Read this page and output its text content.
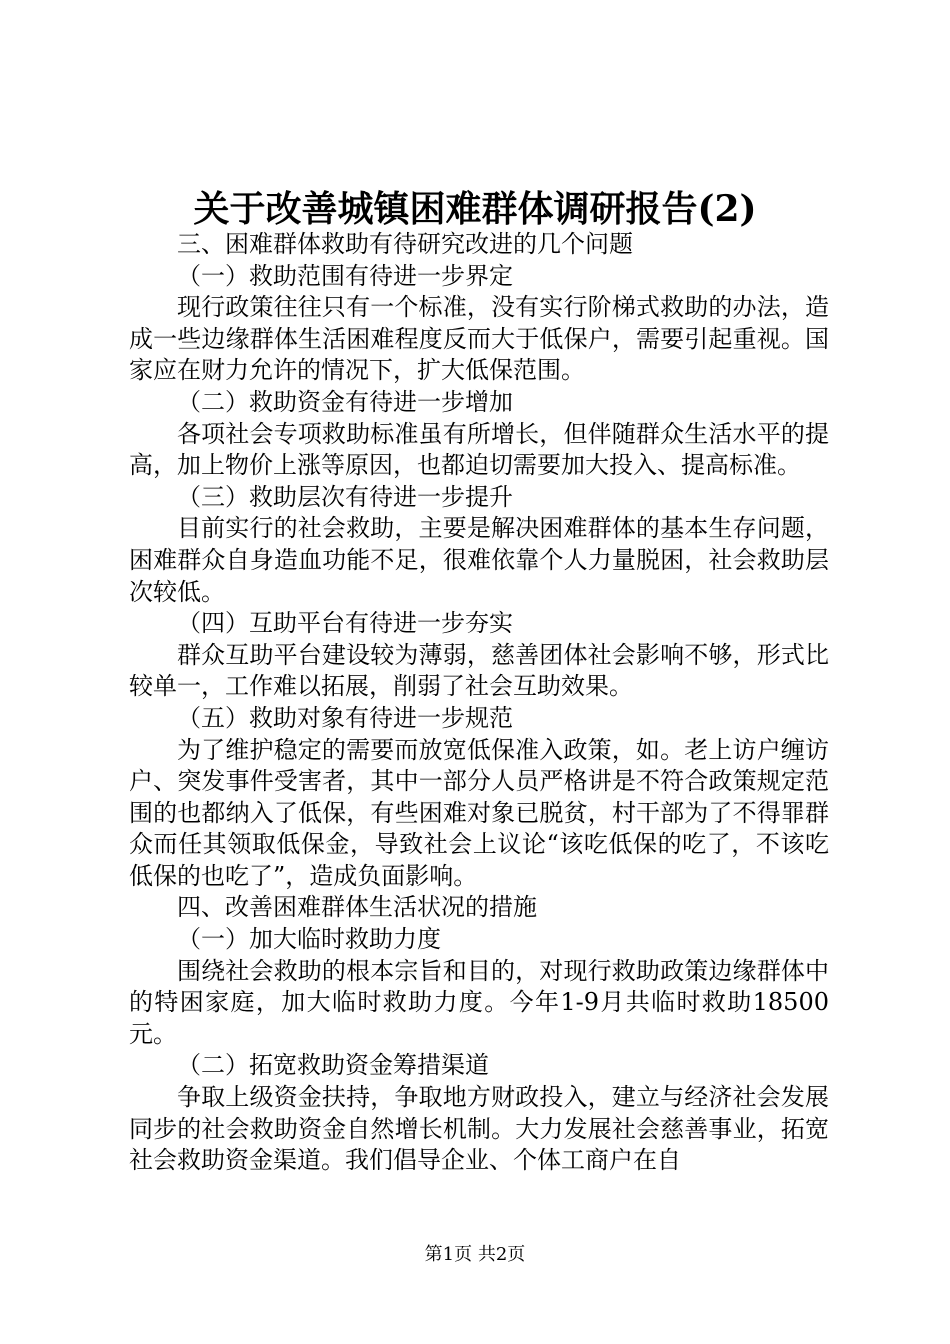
关于改善城镇困难群体调研报告(2)

三、困难群体救助有待研究改进的几个问题

（一）救助范围有待进一步界定

现行政策往往只有一个标准，没有实行阶梯式救助的办法，造成一些边缘群体生活困难程度反而大于低保户，需要引起重视。国家应在财力允许的情况下，扩大低保范围。

（二）救助资金有待进一步增加

各项社会专项救助标准虽有所增长，但伴随群众生活水平的提高，加上物价上涨等原因，也都迫切需要加大投入、提高标准。

（三）救助层次有待进一步提升

目前实行的社会救助，主要是解决困难群体的基本生存问题，困难群众自身造血功能不足，很难依靠个人力量脱困，社会救助层次较低。

（四）互助平台有待进一步夯实

群众互助平台建设较为薄弱，慈善团体社会影响不够，形式比较单一，工作难以拓展，削弱了社会互助效果。

（五）救助对象有待进一步规范

为了维护稳定的需要而放宽低保准入政策，如。老上访户缠访户、突发事件受害者，其中一部分人员严格讲是不符合政策规定范围的也都纳入了低保，有些困难对象已脱贫，村干部为了不得罪群众而任其领取低保金，导致社会上议论“该吃低保的吃了，不该吃低保的也吃了”，造成负面影响。

四、改善困难群体生活状况的措施

（一）加大临时救助力度

围绕社会救助的根本宗旨和目的，对现行救助政策边缘群体中的特困家庭，加大临时救助力度。今年1-9月共临时救助18500元。

（二）拓宽救助资金筹措渠道

争取上级资金扶持，争取地方财政投入，建立与经济社会发展同步的社会救助资金自然增长机制。大力发展社会慈善事业，拓宽社会救助资金渠道。我们倡导企业、个体工商户在自

第1页 共2页
